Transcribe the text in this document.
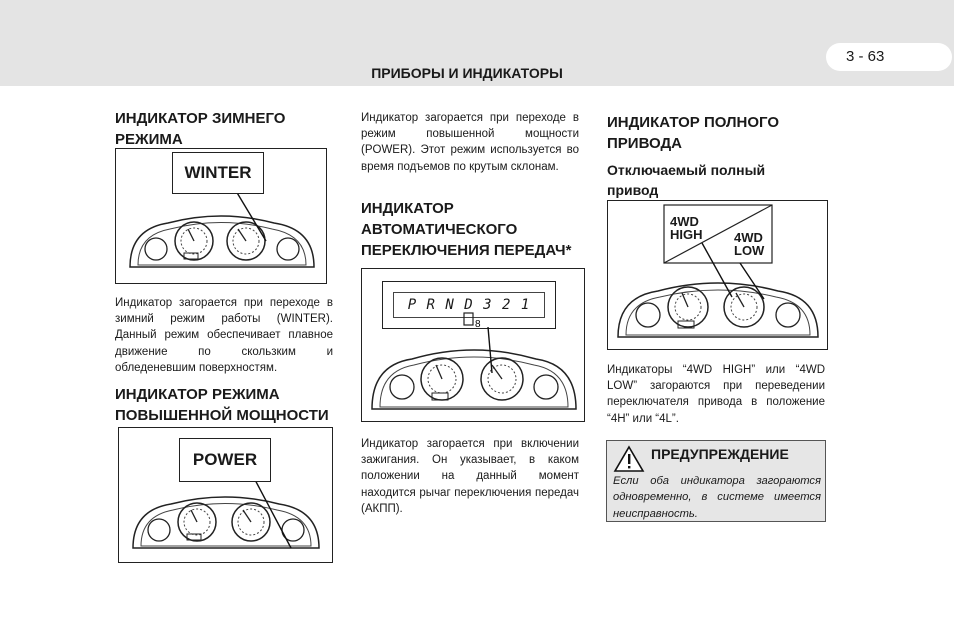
3 - 63
ПРИБОРЫ И ИНДИКАТОРЫ
ИНДИКАТОР ЗИМНЕГО РЕЖИМА
WINTER

Индикатор загорается при переходе в зимний режим работы (WINTER). Данный режим обеспечивает плавное движение по скользким и обледеневшим поверхностям.

ИНДИКАТОР РЕЖИМА ПОВЫШЕННОЙ МОЩНОСТИ
POWER

Индикатор загорается при переходе в режим повышенной мощности (POWER). Этот режим используется во время подъемов по крутым склонам.

ИНДИКАТОР АВТОМАТИЧЕСКОГО ПЕРЕКЛЮЧЕНИЯ ПЕРЕДАЧ*
P R N D 3 2 1
8

Индикатор загорается при включении зажигания. Он указывает, в каком положении на данный момент находится рычаг переключения передач (АКПП).

ИНДИКАТОР ПОЛНОГО ПРИВОДА
Отключаемый полный привод
4WD HIGH	4WD LOW

Индикаторы “4WD HIGH” или “4WD LOW” загораются при переведении переключателя привода в положение “4H” или “4L”.

ПРЕДУПРЕЖДЕНИЕ
Если оба индикатора загораются одновременно, в системе имеется неисправность.
